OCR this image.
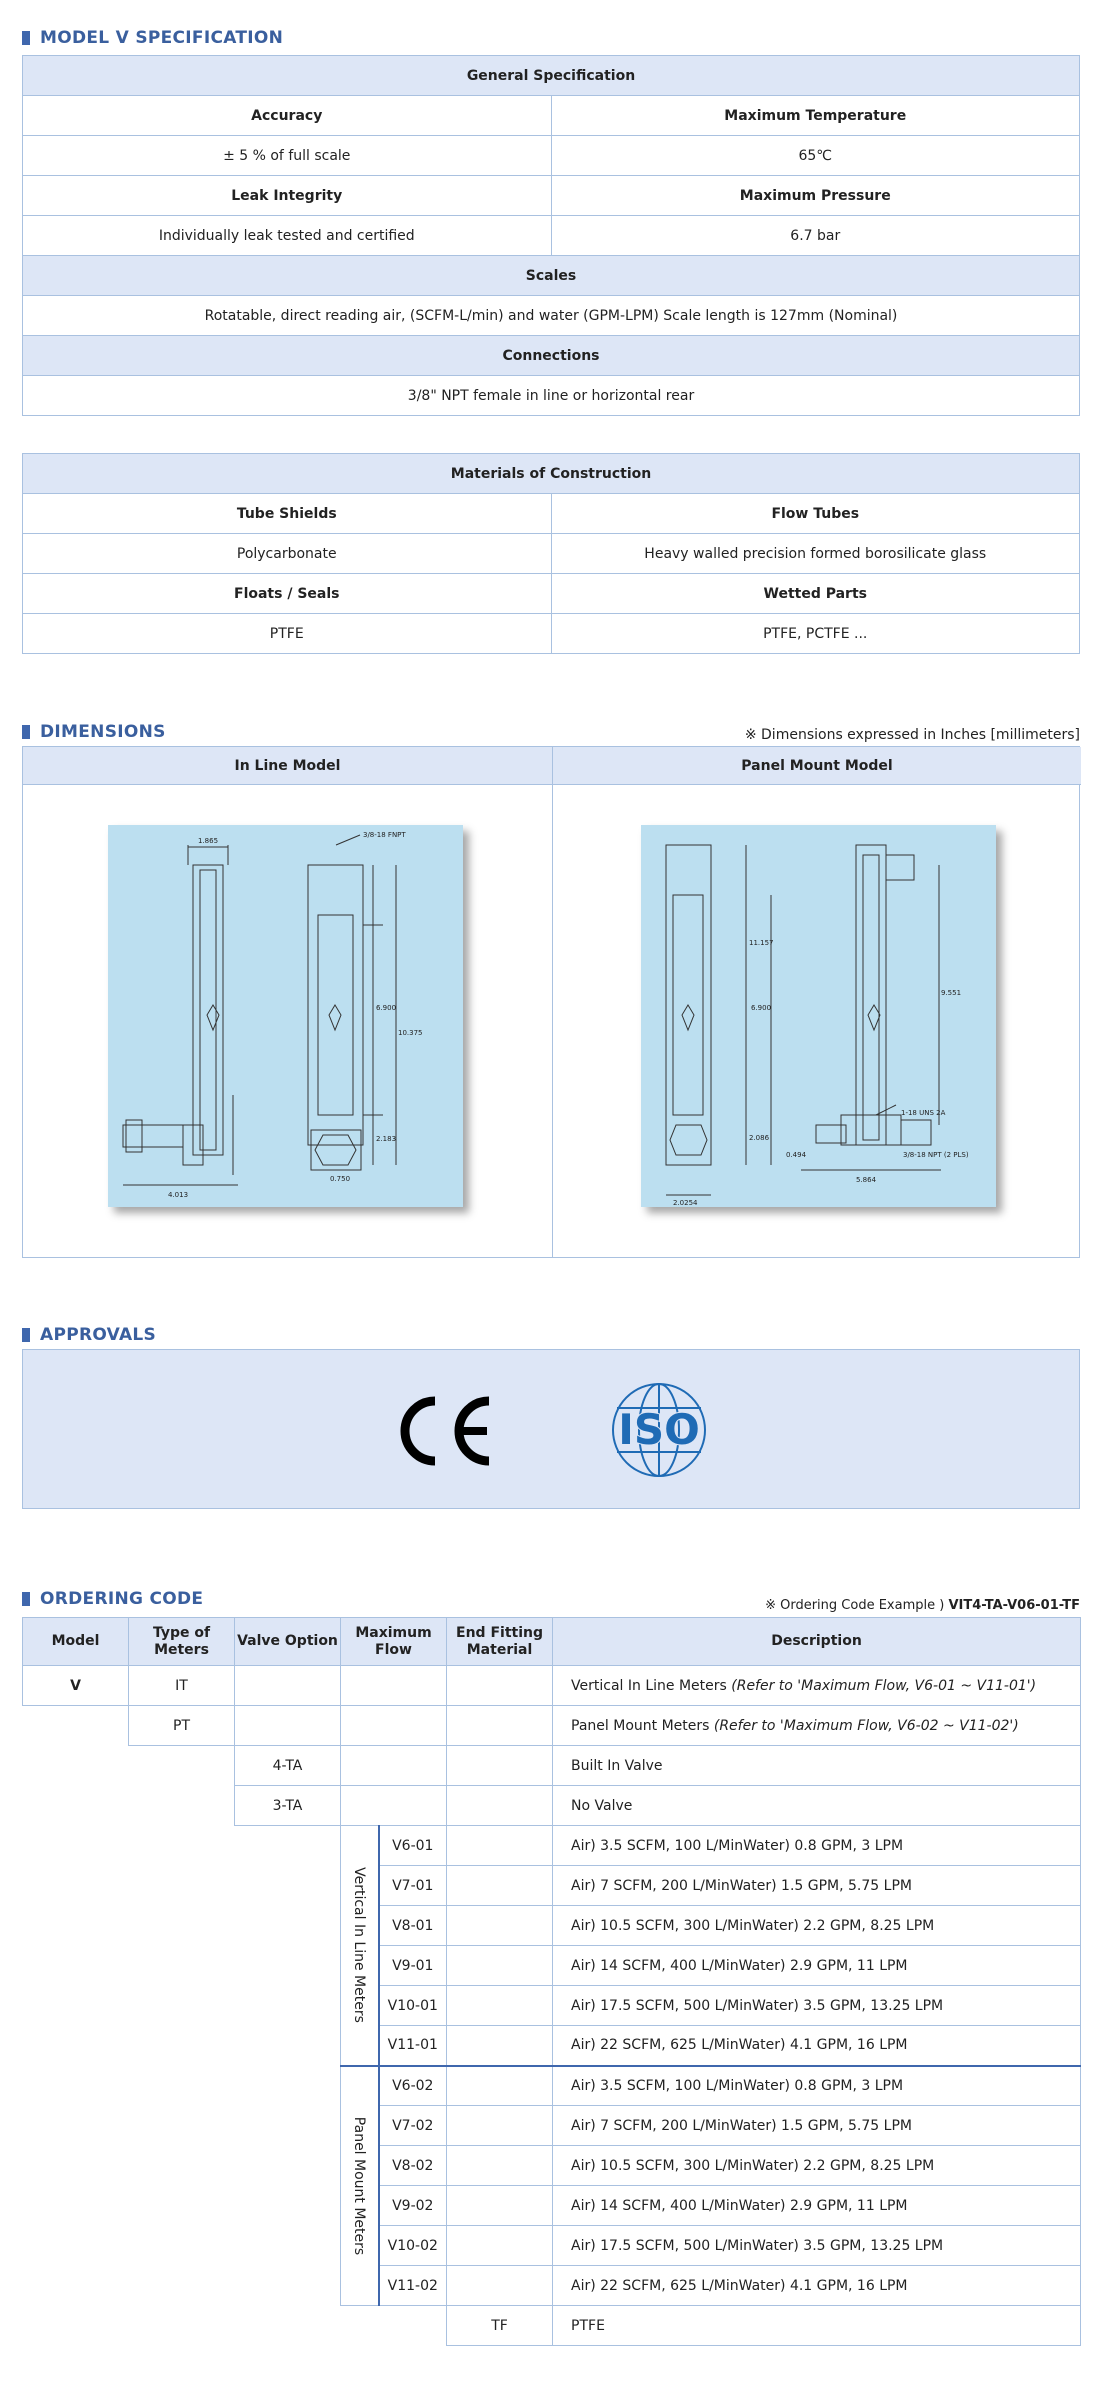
MODEL V SPECIFICATION
General Specification	
Accuracy	Maximum Temperature
± 5 % of full scale	65℃
Leak Integrity	Maximum Pressure
Individually leak tested and certified	6.7 bar
Scales	
Rotatable, direct reading air, (SCFM-L/min) and water (GPM-LPM) Scale length is 127mm (Nominal)	
Connections	
3/8" NPT female in line or horizontal rear	
Materials of Construction	
Tube Shields	Flow Tubes
Polycarbonate	Heavy walled precision formed borosilicate glass
Floats / Seals	Wetted Parts
PTFE	PTFE, PCTFE ...
DIMENSIONS	※ Dimensions expressed in Inches [millimeters]
In Line Model	Panel Mount Model
1.865
3/8-18 FNPT
6.900
10.375
2.183
0.750
4.013
11.157
6.900
9.551
2.086
0.494
1-18 UNS 2A
3/8-18 NPT (2 PLS)
5.864
2.0254
APPROVALS
ISO
ORDERING CODE	※ Ordering Code Example ) VIT4-TA-V06-01-TF
Model	Type of Meters	Valve Option	Maximum Flow		End Fitting Material	Description
V	IT					Vertical In Line Meters (Refer to 'Maximum Flow, V6-01 ~ V11-01')
	PT					Panel Mount Meters (Refer to 'Maximum Flow, V6-02 ~ V11-02')
		4-TA				Built In Valve
		3-TA				No Valve

			Vertical In Line Meters	V6-01		Air) 3.5 SCFM, 100 L/MinWater) 0.8 GPM, 3 LPM
				V7-01		Air) 7 SCFM, 200 L/MinWater) 1.5 GPM, 5.75 LPM
				V8-01		Air) 10.5 SCFM, 300 L/MinWater) 2.2 GPM, 8.25 LPM
				V9-01		Air) 14 SCFM, 400 L/MinWater) 2.9 GPM, 11 LPM
				V10-01		Air) 17.5 SCFM, 500 L/MinWater) 3.5 GPM, 13.25 LPM
				V11-01		Air) 22 SCFM, 625 L/MinWater) 4.1 GPM, 16 LPM

			Panel Mount Meters	V6-02		Air) 3.5 SCFM, 100 L/MinWater) 0.8 GPM, 3 LPM
				V7-02		Air) 7 SCFM, 200 L/MinWater) 1.5 GPM, 5.75 LPM
				V8-02		Air) 10.5 SCFM, 300 L/MinWater) 2.2 GPM, 8.25 LPM
				V9-02		Air) 14 SCFM, 400 L/MinWater) 2.9 GPM, 11 LPM
				V10-02		Air) 17.5 SCFM, 500 L/MinWater) 3.5 GPM, 13.25 LPM
				V11-02		Air) 22 SCFM, 625 L/MinWater) 4.1 GPM, 16 LPM
					TF	PTFE
